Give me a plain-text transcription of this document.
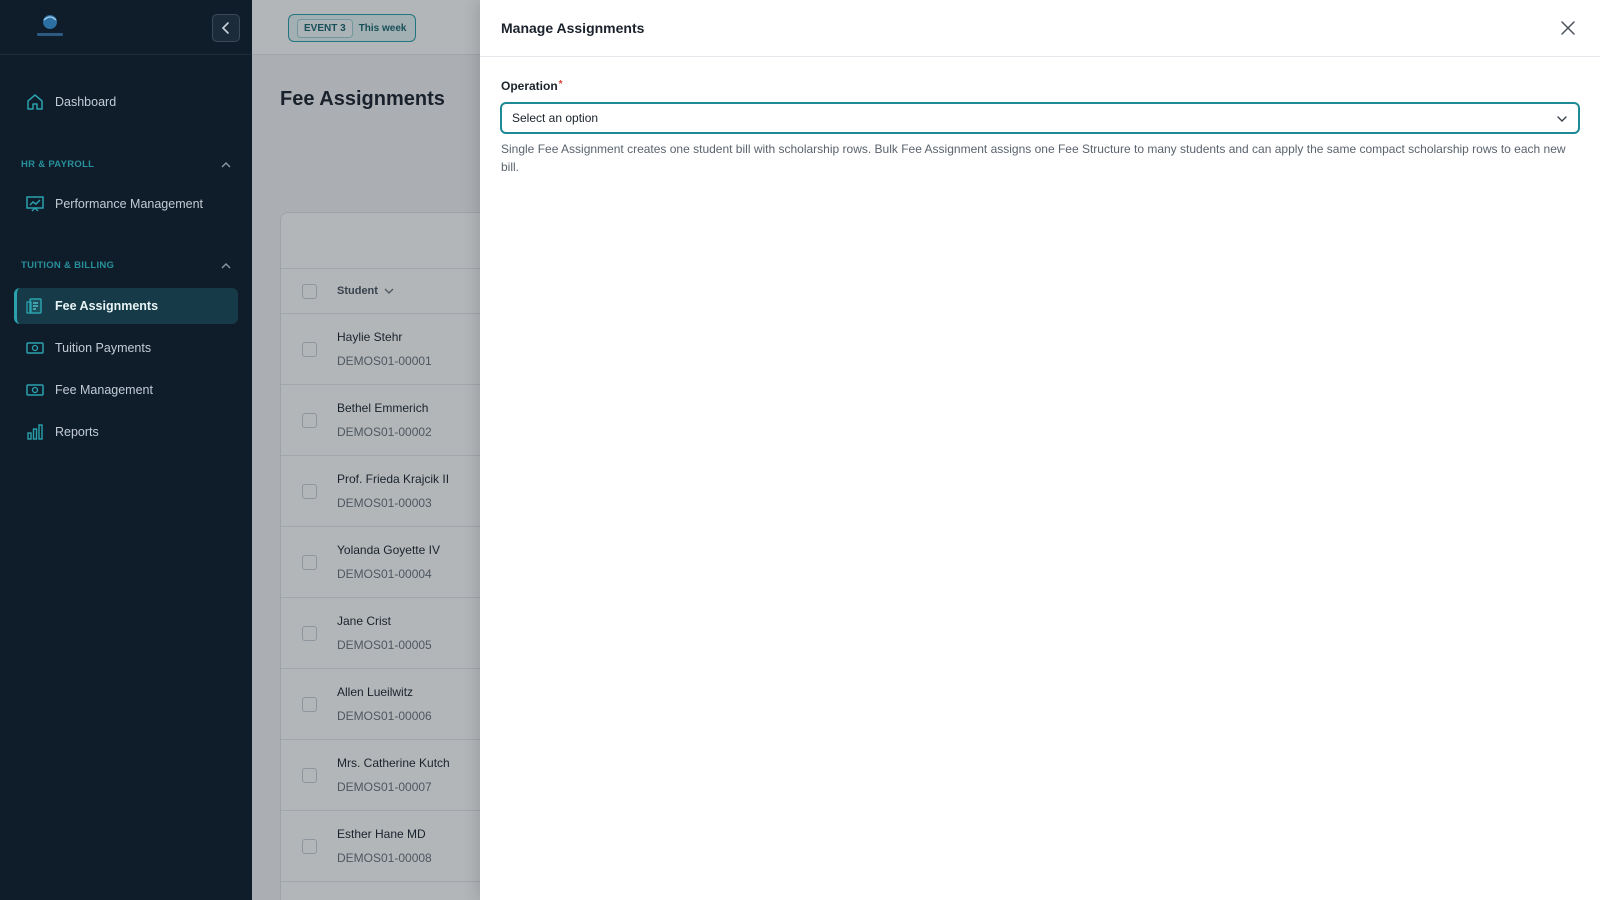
Dashboard
HR & PAYROLL
Performance Management
TUITION & BILLING
Fee Assignments
Tuition Payments
Fee Management
Reports
EVENT 3	This week
Fee Assignments
Student
Haylie Stehr
DEMOS01-00001
Bethel Emmerich
DEMOS01-00002
Prof. Frieda Krajcik II
DEMOS01-00003
Yolanda Goyette IV
DEMOS01-00004
Jane Crist
DEMOS01-00005
Allen Lueilwitz
DEMOS01-00006
Mrs. Catherine Kutch
DEMOS01-00007
Esther Hane MD
DEMOS01-00008
Manage Assignments
Operation*
Select an option
Single Fee Assignment creates one student bill with scholarship rows. Bulk Fee Assignment assigns one Fee Structure to many students and can apply the same compact scholarship rows to each new bill.
